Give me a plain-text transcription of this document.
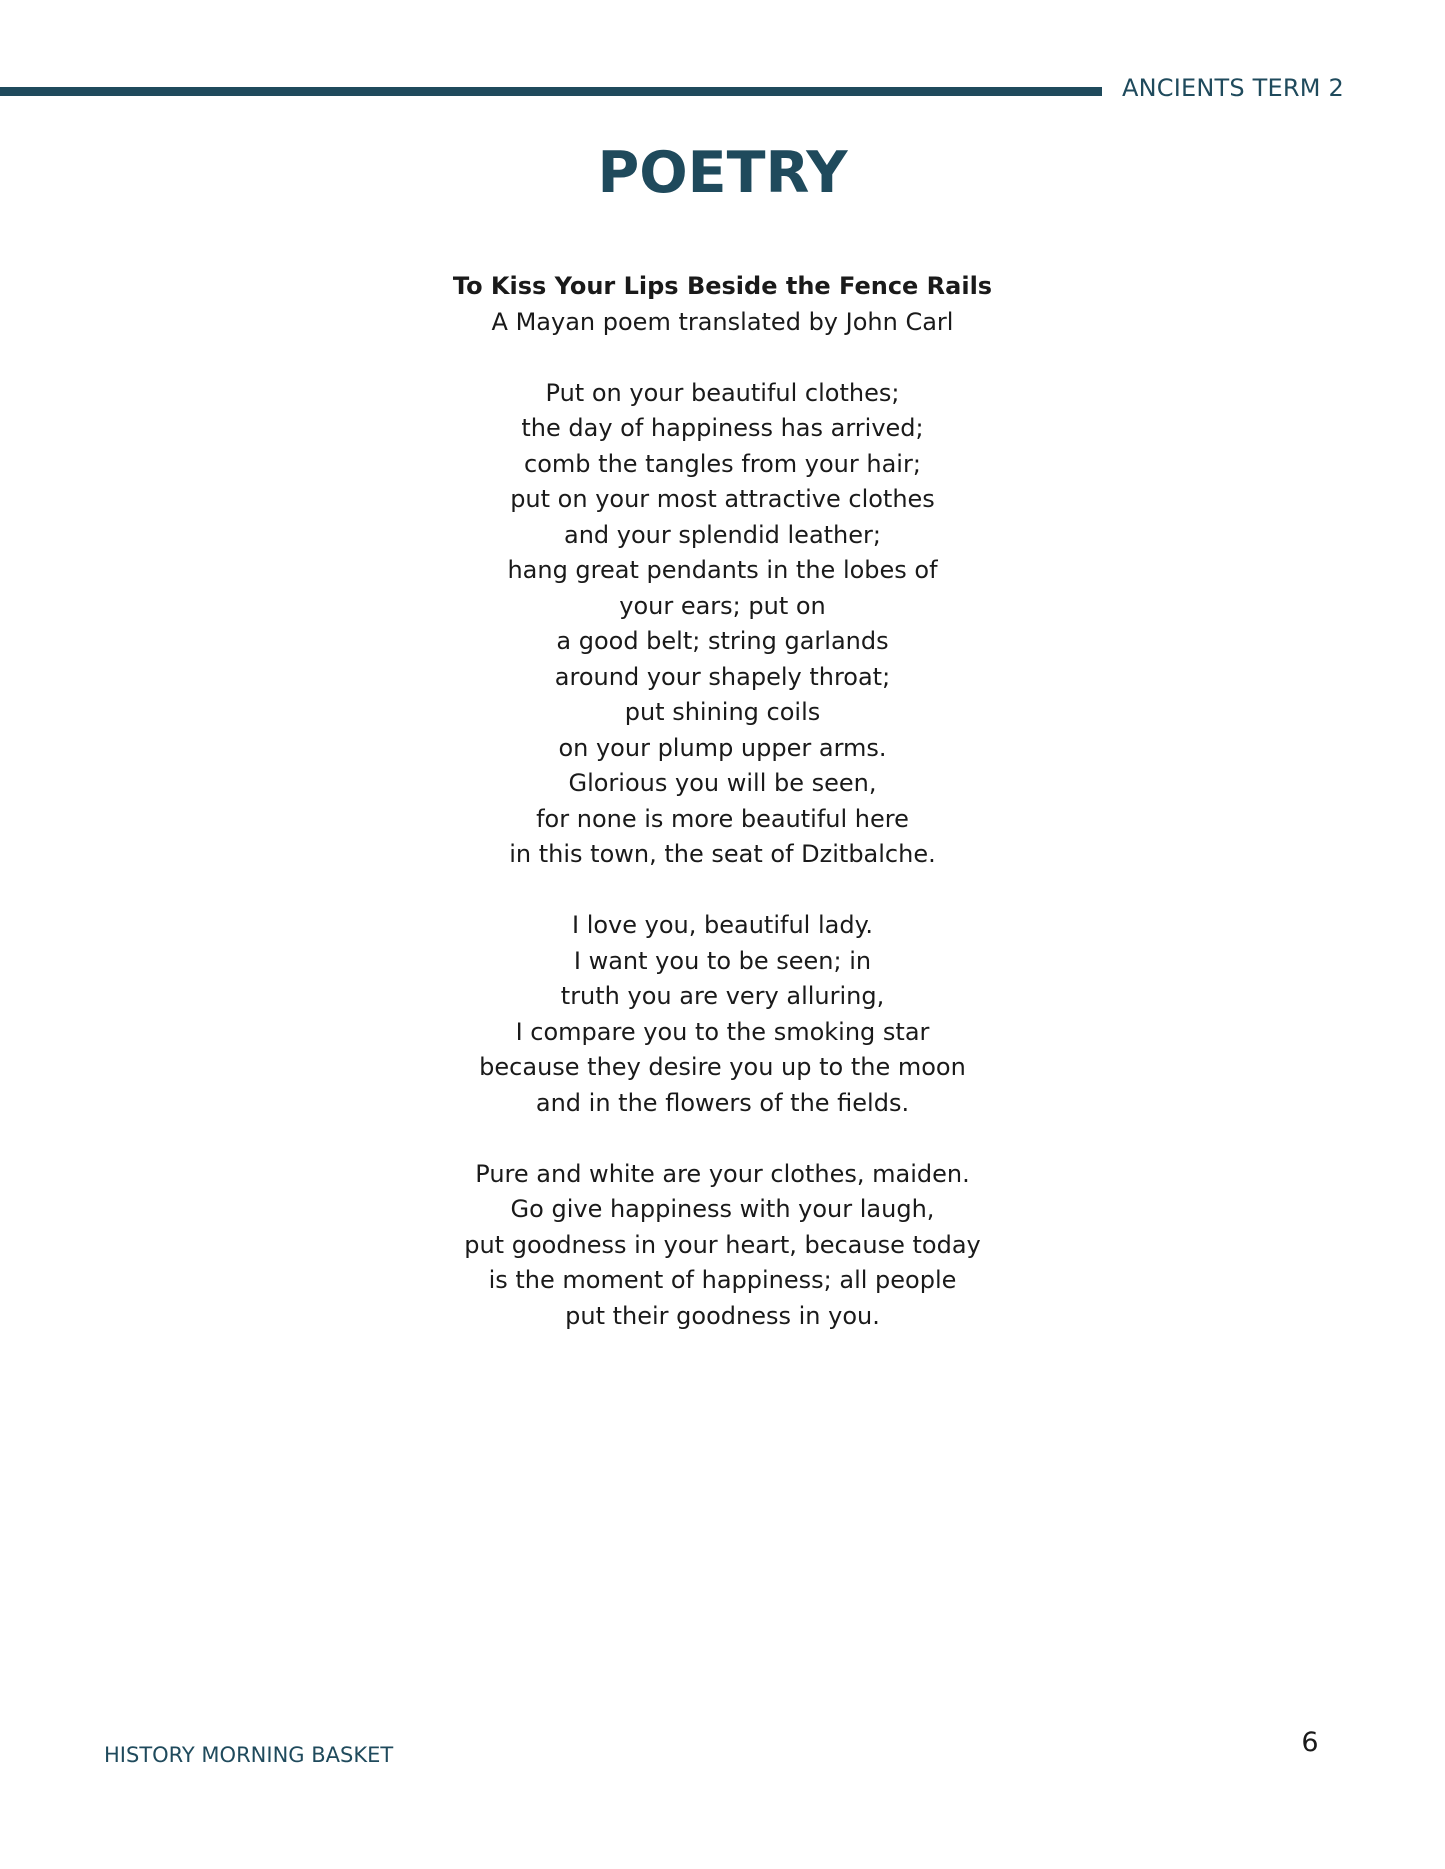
ANCIENTS TERM 2
POETRY
To Kiss Your Lips Beside the Fence Rails
A Mayan poem translated by John Carl
Put on your beautiful clothes;
the day of happiness has arrived;
comb the tangles from your hair;
put on your most attractive clothes
and your splendid leather;
hang great pendants in the lobes of
your ears; put on
a good belt; string garlands
around your shapely throat;
put shining coils
on your plump upper arms.
Glorious you will be seen,
for none is more beautiful here
in this town, the seat of Dzitbalche.
I love you, beautiful lady.
I want you to be seen; in
truth you are very alluring,
I compare you to the smoking star
because they desire you up to the moon
and in the flowers of the fields.
Pure and white are your clothes, maiden.
Go give happiness with your laugh,
put goodness in your heart, because today
is the moment of happiness; all people
put their goodness in you.
HISTORY MORNING BASKET	6
